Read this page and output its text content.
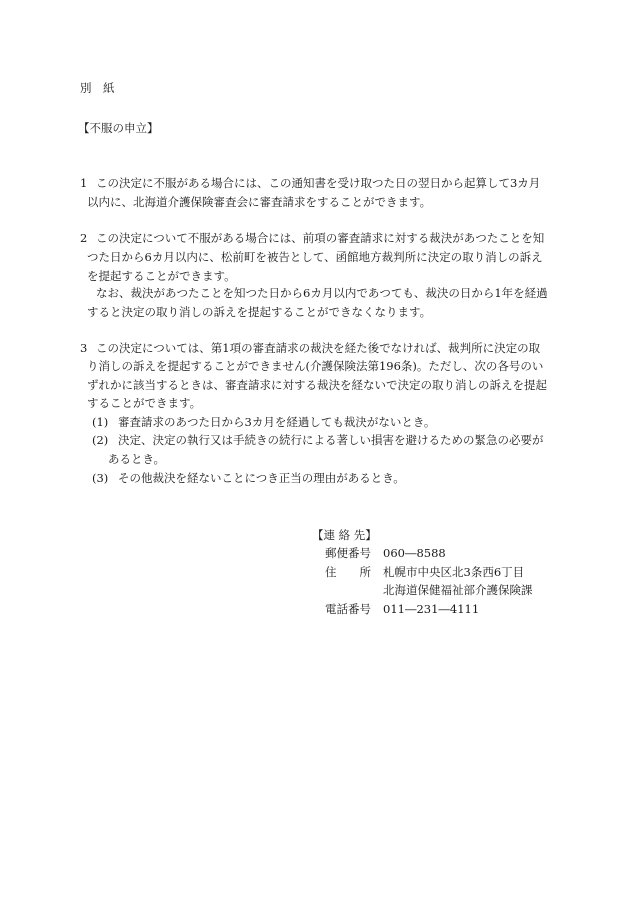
別　紙
【不服の申立】
1 この決定に不服がある場合には、この通知書を受け取つた日の翌日から起算して3カ月
以内に、北海道介護保険審査会に審査請求をすることができます。
2 この決定について不服がある場合には、前項の審査請求に対する裁決があつたことを知
つた日から6カ月以内に、松前町を被告として、函館地方裁判所に決定の取り消しの訴え
を提起することができます。
なお、裁決があつたことを知つた日から6カ月以内であつても、裁決の日から1年を経過
すると決定の取り消しの訴えを提起することができなくなります。
3 この決定については、第1項の審査請求の裁決を経た後でなければ、裁判所に決定の取
り消しの訴えを提起することができません(介護保険法第196条)。ただし、次の各号のい
ずれかに該当するときは、審査請求に対する裁決を経ないで決定の取り消しの訴えを提起
することができます。
(1) 審査請求のあつた日から3カ月を経過しても裁決がないとき。
(2) 決定、決定の執行又は手続きの続行による著しい損害を避けるための緊急の必要が
あるとき。
(3) その他裁決を経ないことにつき正当の理由があるとき。
【連 絡 先】
郵便番号 060―8588
住　　所 札幌市中央区北3条西6丁目
北海道保健福祉部介護保険課
電話番号 011―231―4111
